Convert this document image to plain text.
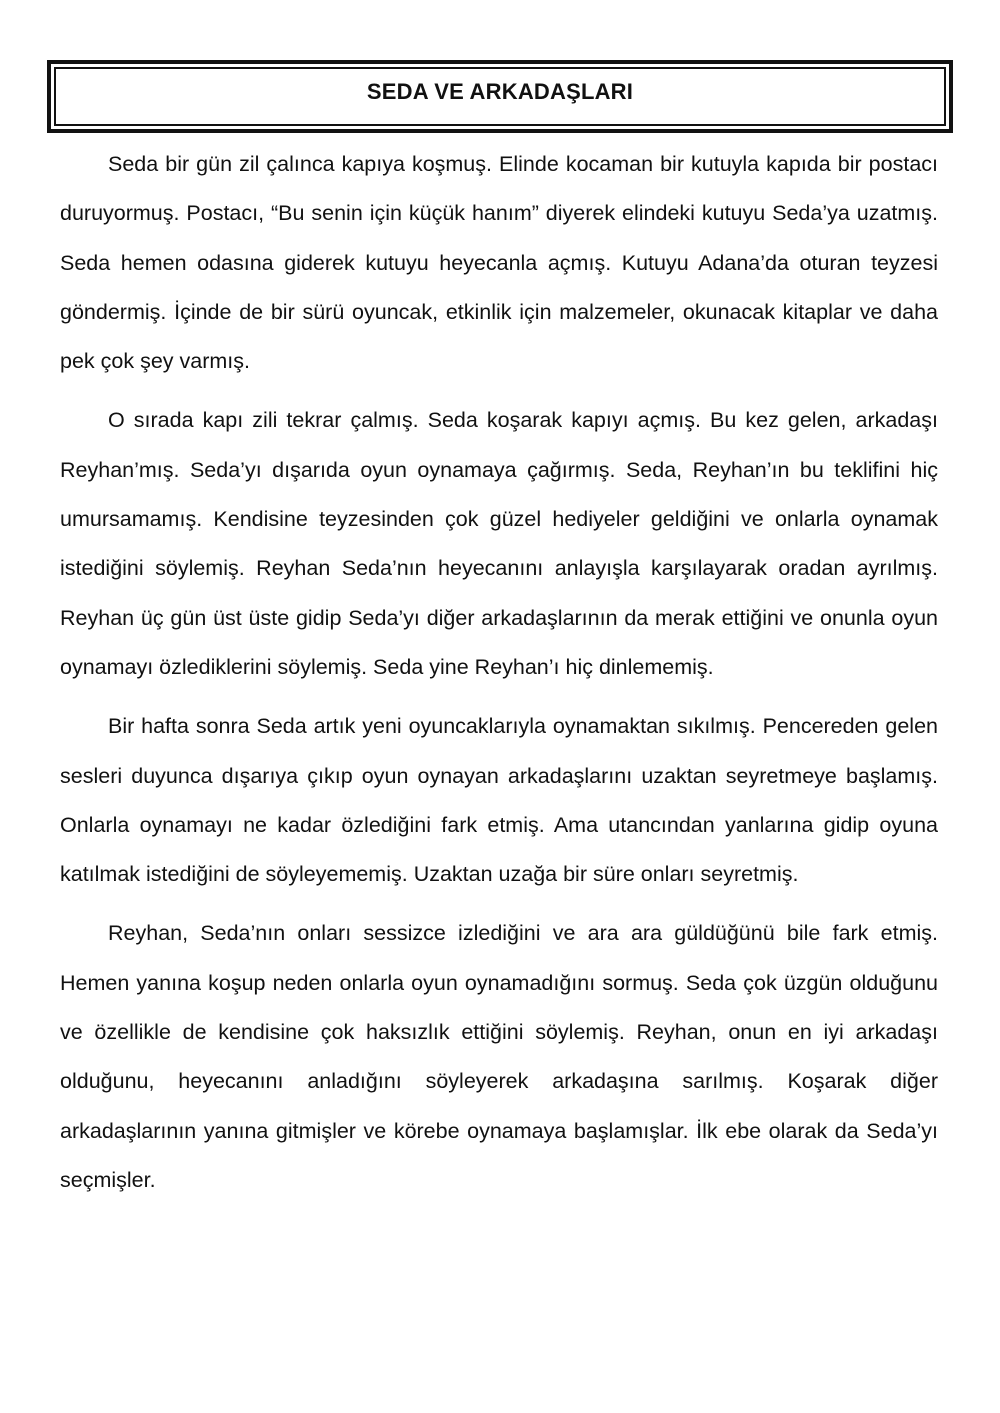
SEDA VE ARKADAŞLARI

Seda bir gün zil çalınca kapıya koşmuş. Elinde kocaman bir kutuyla kapıda bir postacı duruyormuş. Postacı, “Bu senin için küçük hanım” diyerek elindeki kutuyu Seda’ya uzatmış. Seda hemen odasına giderek kutuyu heyecanla açmış. Kutuyu Adana’da oturan teyzesi göndermiş. İçinde de bir sürü oyuncak, etkinlik için malzemeler, okunacak kitaplar ve daha pek çok şey varmış.

O sırada kapı zili tekrar çalmış. Seda koşarak kapıyı açmış. Bu kez gelen, arkadaşı Reyhan’mış. Seda’yı dışarıda oyun oynamaya çağırmış. Seda, Reyhan’ın bu teklifini hiç umursamamış. Kendisine teyzesinden çok güzel hediyeler geldiğini ve onlarla oynamak istediğini söylemiş. Reyhan Seda’nın heyecanını anlayışla karşılayarak oradan ayrılmış. Reyhan üç gün üst üste gidip Seda’yı diğer arkadaşlarının da merak ettiğini ve onunla oyun oynamayı özlediklerini söylemiş. Seda yine Reyhan’ı hiç dinlememiş.

Bir hafta sonra Seda artık yeni oyuncaklarıyla oynamaktan sıkılmış. Pencereden gelen sesleri duyunca dışarıya çıkıp oyun oynayan arkadaşlarını uzaktan seyretmeye başlamış. Onlarla oynamayı ne kadar özlediğini fark etmiş. Ama utancından yanlarına gidip oyuna katılmak istediğini de söyleyememiş. Uzaktan uzağa bir süre onları seyretmiş.

Reyhan, Seda’nın onları sessizce izlediğini ve ara ara güldüğünü bile fark etmiş. Hemen yanına koşup neden onlarla oyun oynamadığını sormuş. Seda çok üzgün olduğunu ve özellikle de kendisine çok haksızlık ettiğini söylemiş. Reyhan, onun en iyi arkadaşı olduğunu, heyecanını anladığını söyleyerek arkadaşına sarılmış. Koşarak diğer arkadaşlarının yanına gitmişler ve körebe oynamaya başlamışlar. İlk ebe olarak da Seda’yı seçmişler.
